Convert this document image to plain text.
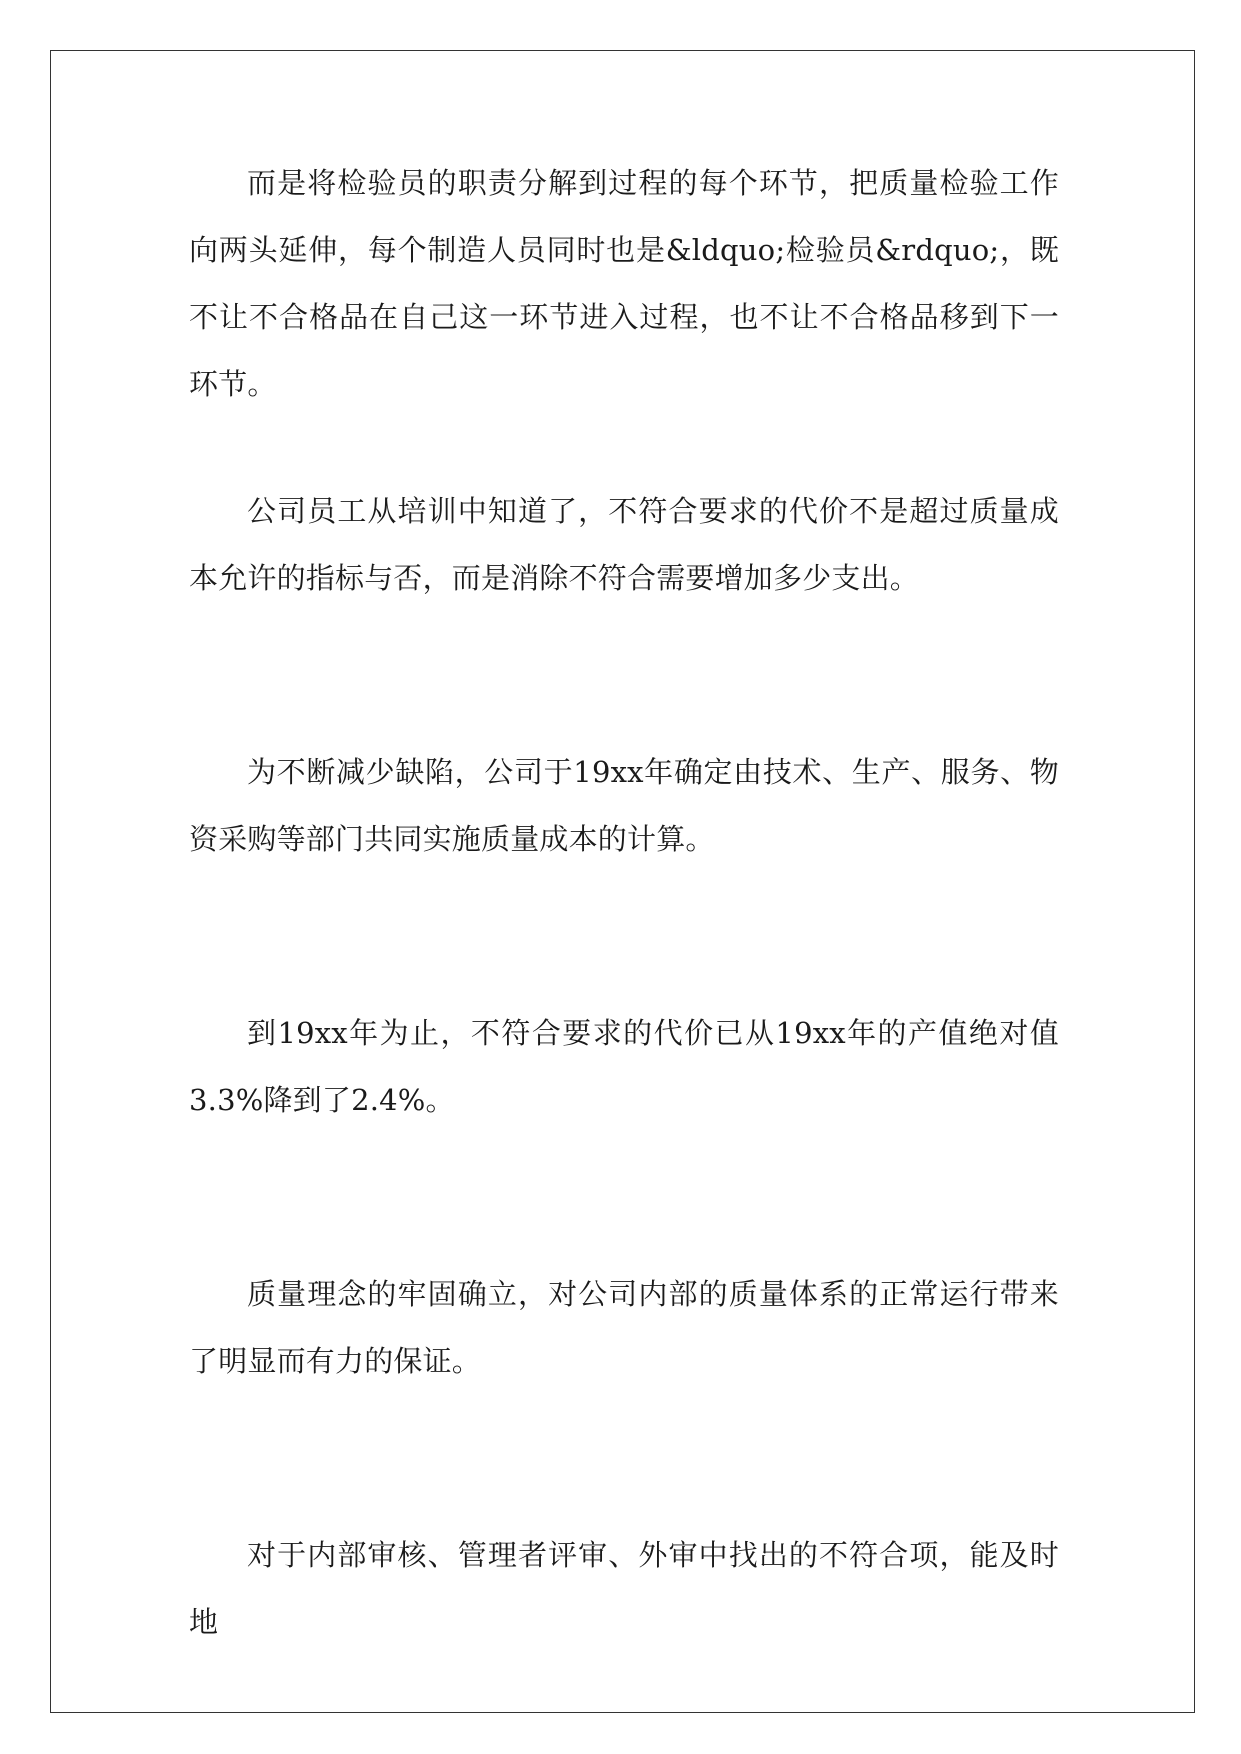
而是将检验员的职责分解到过程的每个环节，把质量检验工作向两头延伸，每个制造人员同时也是&ldquo;检验员&rdquo;，既不让不合格品在自己这一环节进入过程，也不让不合格品移到下一环节。

公司员工从培训中知道了，不符合要求的代价不是超过质量成本允许的指标与否，而是消除不符合需要增加多少支出。

为不断减少缺陷，公司于19xx年确定由技术、生产、服务、物资采购等部门共同实施质量成本的计算。

到19xx年为止，不符合要求的代价已从19xx年的产值绝对值3.3%降到了2.4%。

质量理念的牢固确立，对公司内部的质量体系的正常运行带来了明显而有力的保证。

对于内部审核、管理者评审、外审中找出的不符合项，能及时地
